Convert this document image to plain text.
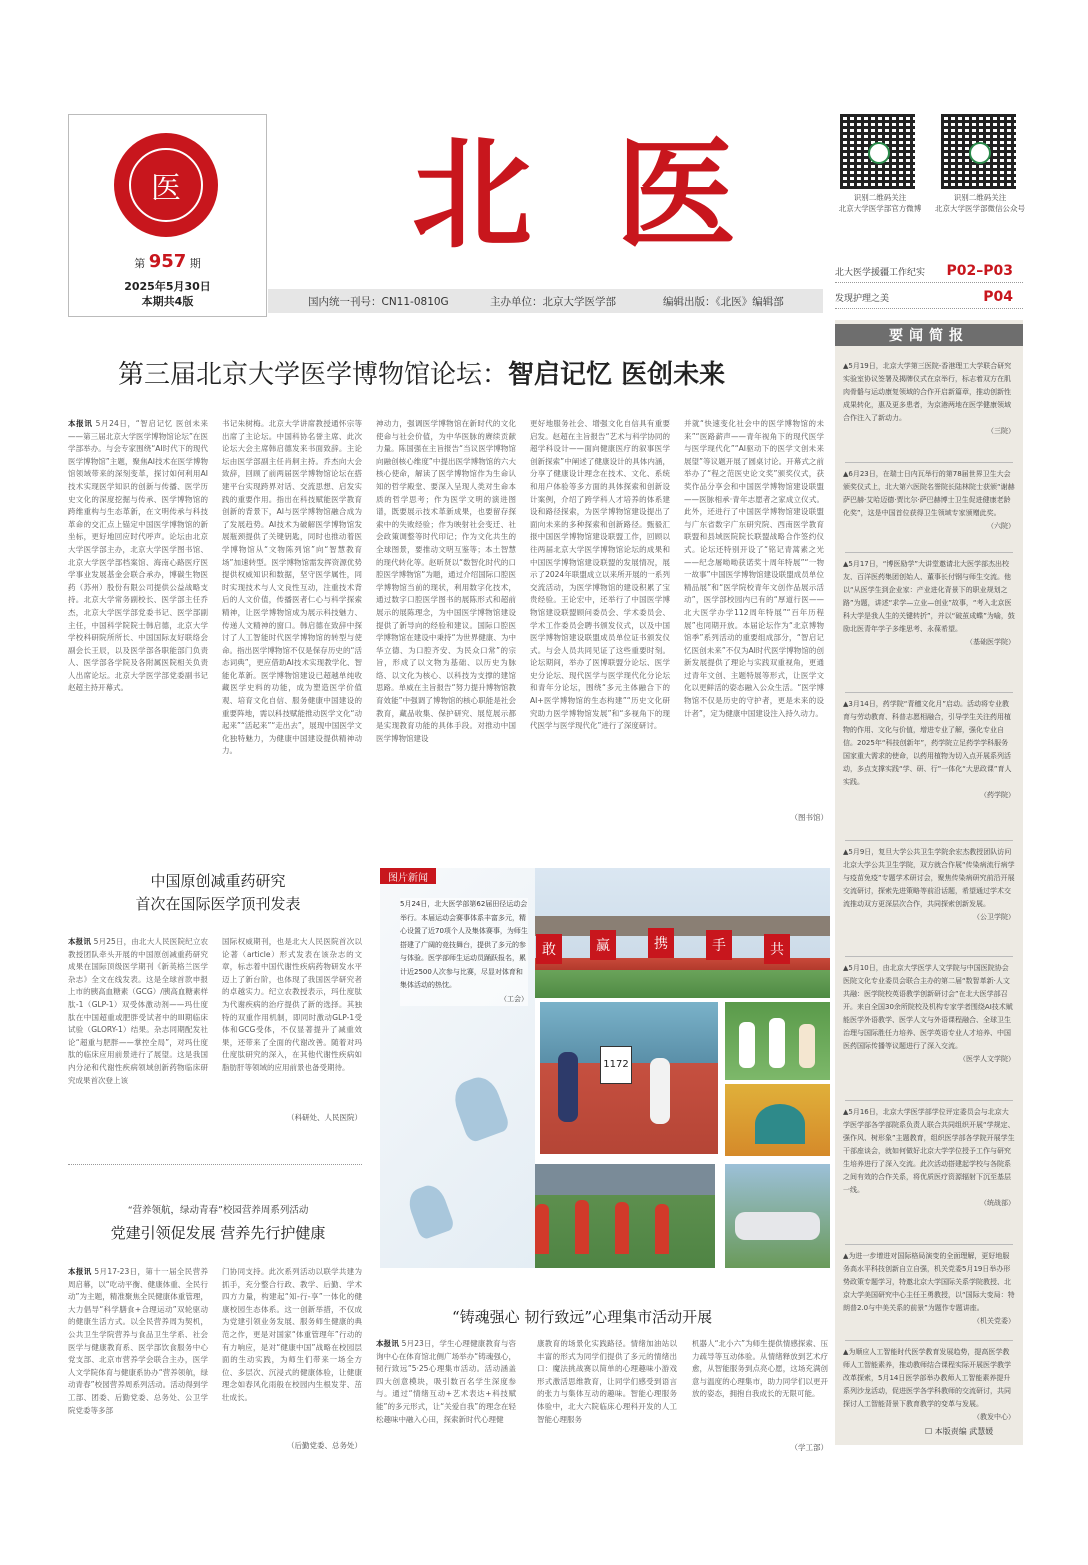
医
第 957 期
2025年5月30日
本期共4版
北 医
国内统一刊号：CN11-0810G	主办单位：北京大学医学部	编辑出版：《北医》编辑部
识别二维码关注
北京大学医学部官方微博
识别二维码关注
北京大学医学部微信公众号
北大医学援疆工作纪实 P02–P03
发现护理之美	P04
要闻简报
▲5月19日，北京大学第三医院-香港理工大学联合研究实验室协议签署及揭牌仪式在京举行，标志着双方在肌肉骨骼与运动康复领域的合作开启新篇章，推动创新性成果转化，惠及更多患者，为京港两地在医学健康领域合作注入了新动力。
（三院）
▲6月23日，在瑞士日内瓦举行的第78届世界卫生大会颁奖仪式上，北大第六医院名誉院长陆林院士获颁“谢赫萨巴赫·艾哈迈德·贾比尔·萨巴赫博士卫生促进健康老龄化奖”，这是中国首位获得卫生领域专家颁赠此奖。
（六院）
▲5月17日，“博医励学”大讲堂邀请北大医学部杰出校友、百洋医药集团创始人、董事长付钢与师生交流。他以“从医学生到企业家：产业进化背景下的职业规划之路”为题，讲述“求学—立业—创业”故事，“考入北京医科大学是我人生的关键转折”，并以“破茧成蝶”为喻，鼓励北医青年学子多维思考、永葆希望。
（基础医学院）
▲3月14日，药学院“青穗文化月”启动。活动将专业教育与劳动教育、科普志愿相融合，引导学生关注药用植物的作用、文化与价值，增进专业了解，强化专业自信。2025年“科技创新年”，药学院立足药学学科服务国家重大需求的使命，以药用植物为切入点开展系列活动，多点支撑实践“学、研、行”一体化“大思政课”育人实践。
（药学院）
▲5月9日，复旦大学公共卫生学院余宏杰教授团队访问北京大学公共卫生学院，双方就合作展“传染病流行病学与疫苗免疫”专题学术研讨会，聚焦传染病研究前沿开展交流研讨，探索先进策略等前沿话题，希望通过学术交流推动双方更深层次合作，共同探索创新发展。
（公卫学院）
▲5月10日，由北京大学医学人文学院与中国医院协会医院文化专业委员会联合主办的第二届“数智革新·人文共融：医学院校英语教学创新研讨会”在北大医学部召开。来自全国30余所院校及机构专家学者围绕AI技术赋能医学外语教学、医学人文与外语课程融合、全球卫生治理与国际胜任力培养、医学英语专业人才培养、中国医药国际传播等议题进行了深入交流。
（医学人文学院）
▲5月16日，北京大学医学部学位评定委员会与北京大学医学部各学部院系负责人联合共同组织开展“学规定、强作风、树形象”主题教育，组织医学部各学院开展学生干部座谈会，就如何做好北京大学学位授予工作与研究生培养进行了深入交流。此次活动搭建起学校与各院系之间有效的合作关系，将优质医疗资源辐射下沉至基层一线。
（统战部）
▲为进一步增进对国际格局演变的全面理解，更好地服务高水平科技创新自立自强，机关党委5月19日举办形势政策专题学习，特邀北京大学国际关系学院教授、北京大学美国研究中心主任王勇教授，以“国际大变局：特朗普2.0与中美关系的前景”为题作专题讲座。
（机关党委）
▲为顺应人工智能时代医学教育发展趋势，提高医学教师人工智能素养，推动教师结合课程实际开展医学教学改革探索，5月14日医学部举办教师人工智能素养提升系列沙龙活动，促进医学各学科教师的交流研讨，共同探讨人工智能背景下教育教学的变革与发展。
（教发中心）
☐ 本版责编 武慧媛
第三届北京大学医学博物馆论坛：智启记忆 医创未来
本报讯 5月24日，“智启记忆 医创未来——第三届北京大学医学博物馆论坛”在医学部举办。与会专家围绕“AI时代下的现代医学博物馆”主题，聚焦AI技术在医学博物馆领域带来的深刻变革，探讨如何利用AI技术实现医学知识的创新与传播、医学历史文化的深度挖掘与传承、医学博物馆的跨维重构与生态革新，在文明传承与科技革命的交汇点上锚定中国医学博物馆的新坐标，更好地回应时代呼声。论坛由北京大学医学部主办，北京大学医学图书馆、北京大学医学部档案馆、海南心路医疗医学事业发展基金会联合承办，博碳生物医药（苏州）股份有限公司提供公益战略支持。北京大学常务副校长、医学部主任乔杰，北京大学医学部党委书记、医学部副主任，中国科学院院士韩启德，北京大学学校科研院所所长、中国国际友好联络会副会长王辰，以及医学部各职能部门负责人、医学部各学院及各附属医院相关负责人出席论坛。北京大学医学部党委副书记赵超主持开幕式。
书记朱树梅。北京大学讲席教授通怀宗等出席了主论坛。中国科协名誉主席、此次论坛大会主席韩启德发来书面致辞。主论坛由医学部副主任肖舸主持。乔杰向大会致辞，回顾了前两届医学博物馆论坛在搭建平台实现跨界对话、交流思想、启发实践的重要作用。指出在科技赋能医学教育创新的背景下，AI与医学博物馆融合成为了发展趋势。AI技术为破解医学博物馆发展瓶颈提供了关键钥匙，同时也推动着医学博物馆从“文物陈列馆”向“智慧教育场”加速转型。医学博物馆需发挥资源优势提供权威知识和数据，坚守医学属性，同时实现技术与人文良性互动，注重技术背后的人文价值，传播医者仁心与科学探索精神，让医学博物馆成为展示科技魅力、传递人文精神的窗口。韩启德在致辞中探讨了人工智能时代医学博物馆的转型与使命。指出医学博物馆不仅是保存历史的“活态词典”，更应借助AI技术实现教学化、智能化革新。医学博物馆建设已超越单纯收藏医学史料的功能，成为塑造医学价值观、培育文化自信、服务健康中国建设的重要阵地，需以科技赋能推动医学文化“动起来”“活起来”“走出去”，展现中国医学文化独特魅力，为健康中国建设提供精神动力。
神动力，强调医学博物馆在新时代的文化使命与社会价值，为中华医脉的赓续贡献力量。陈国强在主旨报告“当议医学博物馆向融创核心维度”中提出医学博物馆的六大核心使命，解读了医学博物馆作为生命认知的哲学殿堂、要深入呈现人类对生命本质的哲学思考；作为医学文明的演进图谱，既要展示技术革新成果，也要留存探索中的失败经验；作为映射社会变迁、社会政策调整等时代印记；作为文化共生的全球图景，要推动文明互鉴等；本土智慧的现代转化等。赵昕贤以“数智化时代的口腔医学博物馆”为题，通过介绍国际口腔医学博物馆当前的现状，利用数字化技术，通过数字口腔医学图书的展陈形式和超前展示的展陈理念，为中国医学博物馆建设提供了新导向的经验和建议。国际口腔医学博物馆在建设中秉持“为世界健康、为中华立德、为口腔齐安、为民众口常”的宗旨，形成了以文物为基础、以历史为脉络、以文化为核心、以科技为支撑的建馆思路。单威在主旨报告“努力提升博物馆教育效能”中强调了博物馆的核心职能是社会教育，藏品收集、保护研究、展览展示都是实现教育功能的具体手段。对推动中国医学博物馆建设
更好地服务社会、增强文化自信具有重要启发。赵超在主旨报告“艺术与科学协同的超学科设计——面向健康医疗的叙事医学创新探索”中阐述了健康设计的具体内涵，分享了健康设计理念在技术、文化、系统和用户体验等多方面的具体探索和创新设计案例，介绍了跨学科人才培养的体系建设和路径探索，为医学博物馆建设提出了面向未来的多种探索和创新路径。甄毅汇报中国医学博物馆建设联盟工作，回顾以往两届北京大学医学博物馆论坛的成果和中国医学博物馆建设联盟的发展情况，展示了2024年联盟成立以来所开展的一系列交流活动，为医学博物馆的建设积累了宝贵经验。王论宏中，还举行了中国医学博物馆建设联盟顾问委员会、学术委员会、学术工作委员会聘书颁发仪式，以及中国医学博物馆建设联盟成员单位证书颁发仪式。与会人员共同见证了这些重要时刻。论坛期间，举办了医博联盟分论坛、医学史分论坛、现代医学与医学现代化分论坛和青年分论坛，围绕“多元主体融合下的AI+医学博物馆的生态构建”“历史文化研究助力医学博物馆发展”和“多视角下的现代医学与医学现代化”进行了深度研讨。
并就“快速变化社会中的医学博物馆的未来”“医路薪声——青年视角下的现代医学与医学现代化”“AI驱动下的医学文创未来展望”等议题开展了圆桌讨论。开幕式之前举办了“程之范医史论文奖”颁奖仪式，获奖作品分享会和中国医学博物馆建设联盟——医脉相承·青年志愿者之家成立仪式。此外，还进行了中国医学博物馆建设联盟与广东省数字广东研究院、西南医学教育联盟和县域医院院长联盟战略合作签约仪式。论坛还特别开设了“铭记青蒿素之光——纪念屠呦呦获诺奖十周年特展”“一物一故事”中国医学博物馆建设联盟成员单位精品展”和“医学院校青年文创作品展示活动”，医学部校园内已有的“厚道行医——北大医学办学112周年特展”“百年历程展”也同期开放。本届论坛作为“北京博物馆季”系列活动的重要组成部分，“智启记忆医创未来”不仅为AI时代医学博物馆的创新发展提供了理论与实践双重视角，更通过青年文创、主题特展等形式，让医学文化以更鲜活的姿态融入公众生活。“医学博物馆不仅是历史的守护者，更是未来的设计者”，定为健康中国建设注入持久动力。
（图书馆）
中国原创减重药研究
首次在国际医学顶刊发表
本报讯 5月25日，由北大人民医院纪立农教授团队牵头开展的中国原创减重药研究成果在国际顶级医学期刊《新英格兰医学杂志》全文在线发表。这是全球首款申报上市的胰高血糖素（GCG）/胰高血糖素样肽-1（GLP-1）双受体激动剂——玛仕度肽在中国超重或肥胖受试者中的III期临床试验（GLORY-1）结果。杂志同期配发社论“超重与肥胖——掌控全局”，对玛仕度肽的临床应用前景进行了展望。这是我国内分泌和代谢性疾病领域创新药物临床研究成果首次登上该
国际权威期刊，也是北大人民医院首次以论著（article）形式发表在该杂志的文章，标志着中国代谢性疾病药物研发水平迈上了新台阶，也体现了我国医学研究者的卓越实力。纪立农教授表示，玛仕度肽为代谢疾病的治疗提供了新的选择。其独特的双重作用机制，即同时激动GLP-1受体和GCG受体，不仅显著提升了减重效果，还带来了全面的代谢改善。随着对玛仕度肽研究的深入，在其他代谢性疾病如脂肪肝等领域的应用前景也备受期待。
（科研处、人民医院）
“营养领航，绿动青春”校园营养周系列活动
党建引领促发展 营养先行护健康
本报讯 5月17-23日，第十一届全民营养周启幕，以“吃动平衡、健康体重、全民行动”为主题，精准聚焦全民健康体重管理，大力倡导“科学膳食+合理运动”双轮驱动的健康生活方式。以全民营养周为契机，公共卫生学院营养与食品卫生学系、社会医学与健康教育系、医学部饮食服务中心党支部、北京市营养学会联合主办，医学人文学院体育与健康系协办“营养领航，绿动青春”校园营养周系列活动。活动得到学工部、团委、后勤党委、总务处、公卫学院党委等多部
门协同支持。此次系列活动以联学共建为抓手，充分整合行政、教学、后勤、学术四方力量，构建起“知-行-享”一体化的健康校园生态体系。这一创新举措，不仅成为党建引领业务发展、服务师生健康的典范之作，更是对国家“体重管理年”行动的有力响应，是对“健康中国”战略在校园层面的生动实践，为师生们带来一场全方位、多层次、沉浸式的健康体验，让健康理念如春风化雨般在校园内生根发芽、茁壮成长。
（后勤党委、总务处）
敢	赢	携	手	共
1172
5月24日，北大医学部第62届田径运动会举行。本届运动会赛事体系丰富多元，精心设置了近70项个人及集体赛事，为师生搭建了广阔的竞技舞台，提供了多元的参与体验。医学部师生运动员踊跃报名，累计近2500人次参与比赛，尽显对体育和集体活动的热忱。
（工会）
图片新闻
“铸魂强心 韧行致远”心理集市活动开展
本报讯 5月23日，学生心理健康教育与咨询中心在体育馆北侧广场举办“铸魂强心，韧行致远”5·25心理集市活动。活动涵盖四大创意模块，吸引数百名学生深度参与。通过“情绪互动+艺术表达+科技赋能”的多元形式，让“关爱自我”的理念在轻松趣味中融入心田，探索新时代心理健
康教育的场景化实践路径。情绪加油站以丰富的形式为同学们提供了多元的情绪出口：魔法挑战赛以简单的心理趣味小游戏形式激活思维教育，让同学们感受到语言的张力与集体互动的趣味。智能心理服务体验中，北大六院临床心理科开发的人工智能心理服务
机器人“北小六”为师生提供情感探索、压力疏导等互动体验。从情绪释放到艺术疗愈，从智能服务到点亮心愿，这场充满创意与温度的心理集市，助力同学们以更开放的姿态，拥抱自我成长的无限可能。
（学工部）
